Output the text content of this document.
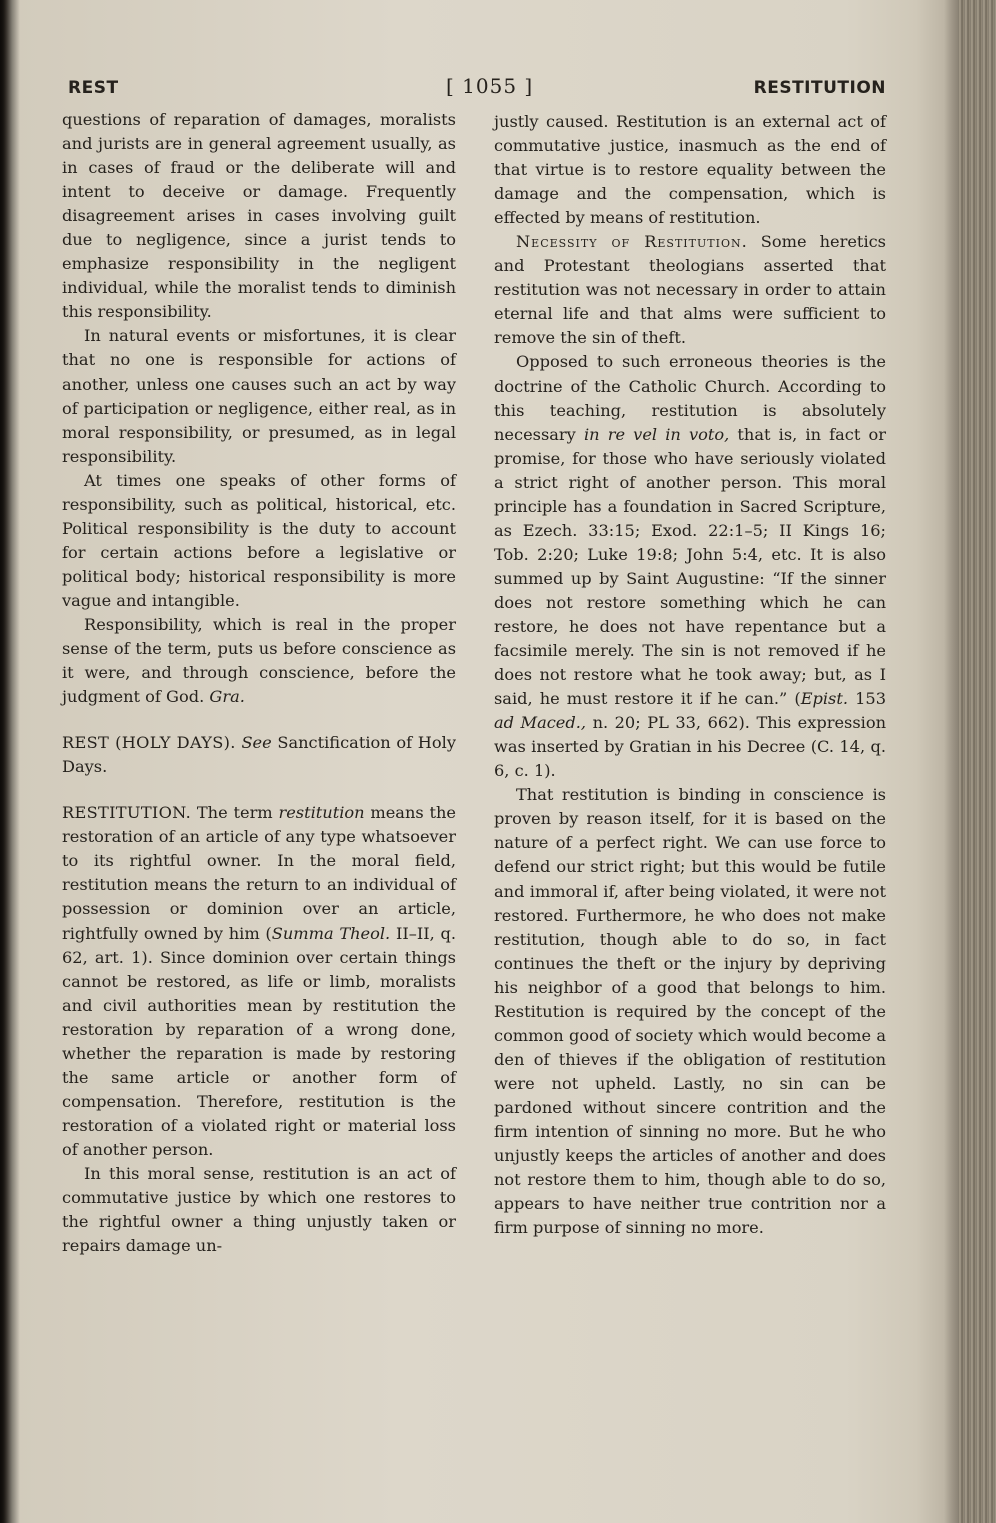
REST	[ 1055 ]	RESTITUTION

questions of reparation of damages, moralists and jurists are in general agreement usually, as in cases of fraud or the deliberate will and intent to deceive or damage. Frequently disagreement arises in cases involving guilt due to negligence, since a jurist tends to emphasize responsibility in the negligent individual, while the moralist tends to diminish this responsibility.

In natural events or misfortunes, it is clear that no one is responsible for actions of another, unless one causes such an act by way of participation or negligence, either real, as in moral responsibility, or presumed, as in legal responsibility.

At times one speaks of other forms of responsibility, such as political, historical, etc. Political responsibility is the duty to account for certain actions before a legislative or political body; historical responsibility is more vague and intangible.

Responsibility, which is real in the proper sense of the term, puts us before conscience as it were, and through conscience, before the judgment of God. Gra.

REST (HOLY DAYS). See Sanctification of Holy Days.

RESTITUTION. The term restitution means the restoration of an article of any type whatsoever to its rightful owner. In the moral field, restitution means the return to an individual of possession or dominion over an article, rightfully owned by him (Summa Theol. II–II, q. 62, art. 1). Since dominion over certain things cannot be restored, as life or limb, moralists and civil authorities mean by restitution the restoration by reparation of a wrong done, whether the reparation is made by restoring the same article or another form of compensation. Therefore, restitution is the restoration of a violated right or material loss of another person.

In this moral sense, restitution is an act of commutative justice by which one restores to the rightful owner a thing unjustly taken or repairs damage un-

justly caused. Restitution is an external act of commutative justice, inasmuch as the end of that virtue is to restore equality between the damage and the compensation, which is effected by means of restitution.

Necessity of Restitution. Some heretics and Protestant theologians asserted that restitution was not necessary in order to attain eternal life and that alms were sufficient to remove the sin of theft.

Opposed to such erroneous theories is the doctrine of the Catholic Church. According to this teaching, restitution is absolutely necessary in re vel in voto, that is, in fact or promise, for those who have seriously violated a strict right of another person. This moral principle has a foundation in Sacred Scripture, as Ezech. 33:15; Exod. 22:1–5; II Kings 16; Tob. 2:20; Luke 19:8; John 5:4, etc. It is also summed up by Saint Augustine: “If the sinner does not restore something which he can restore, he does not have repentance but a facsimile merely. The sin is not removed if he does not restore what he took away; but, as I said, he must restore it if he can.” (Epist. 153 ad Maced., n. 20; PL 33, 662). This expression was inserted by Gratian in his Decree (C. 14, q. 6, c. 1).

That restitution is binding in conscience is proven by reason itself, for it is based on the nature of a perfect right. We can use force to defend our strict right; but this would be futile and immoral if, after being violated, it were not restored. Furthermore, he who does not make restitution, though able to do so, in fact continues the theft or the injury by depriving his neighbor of a good that belongs to him. Restitution is required by the concept of the common good of society which would become a den of thieves if the obligation of restitution were not upheld. Lastly, no sin can be pardoned without sincere contrition and the firm intention of sinning no more. But he who unjustly keeps the articles of another and does not restore them to him, though able to do so, appears to have neither true contrition nor a firm purpose of sinning no more.
